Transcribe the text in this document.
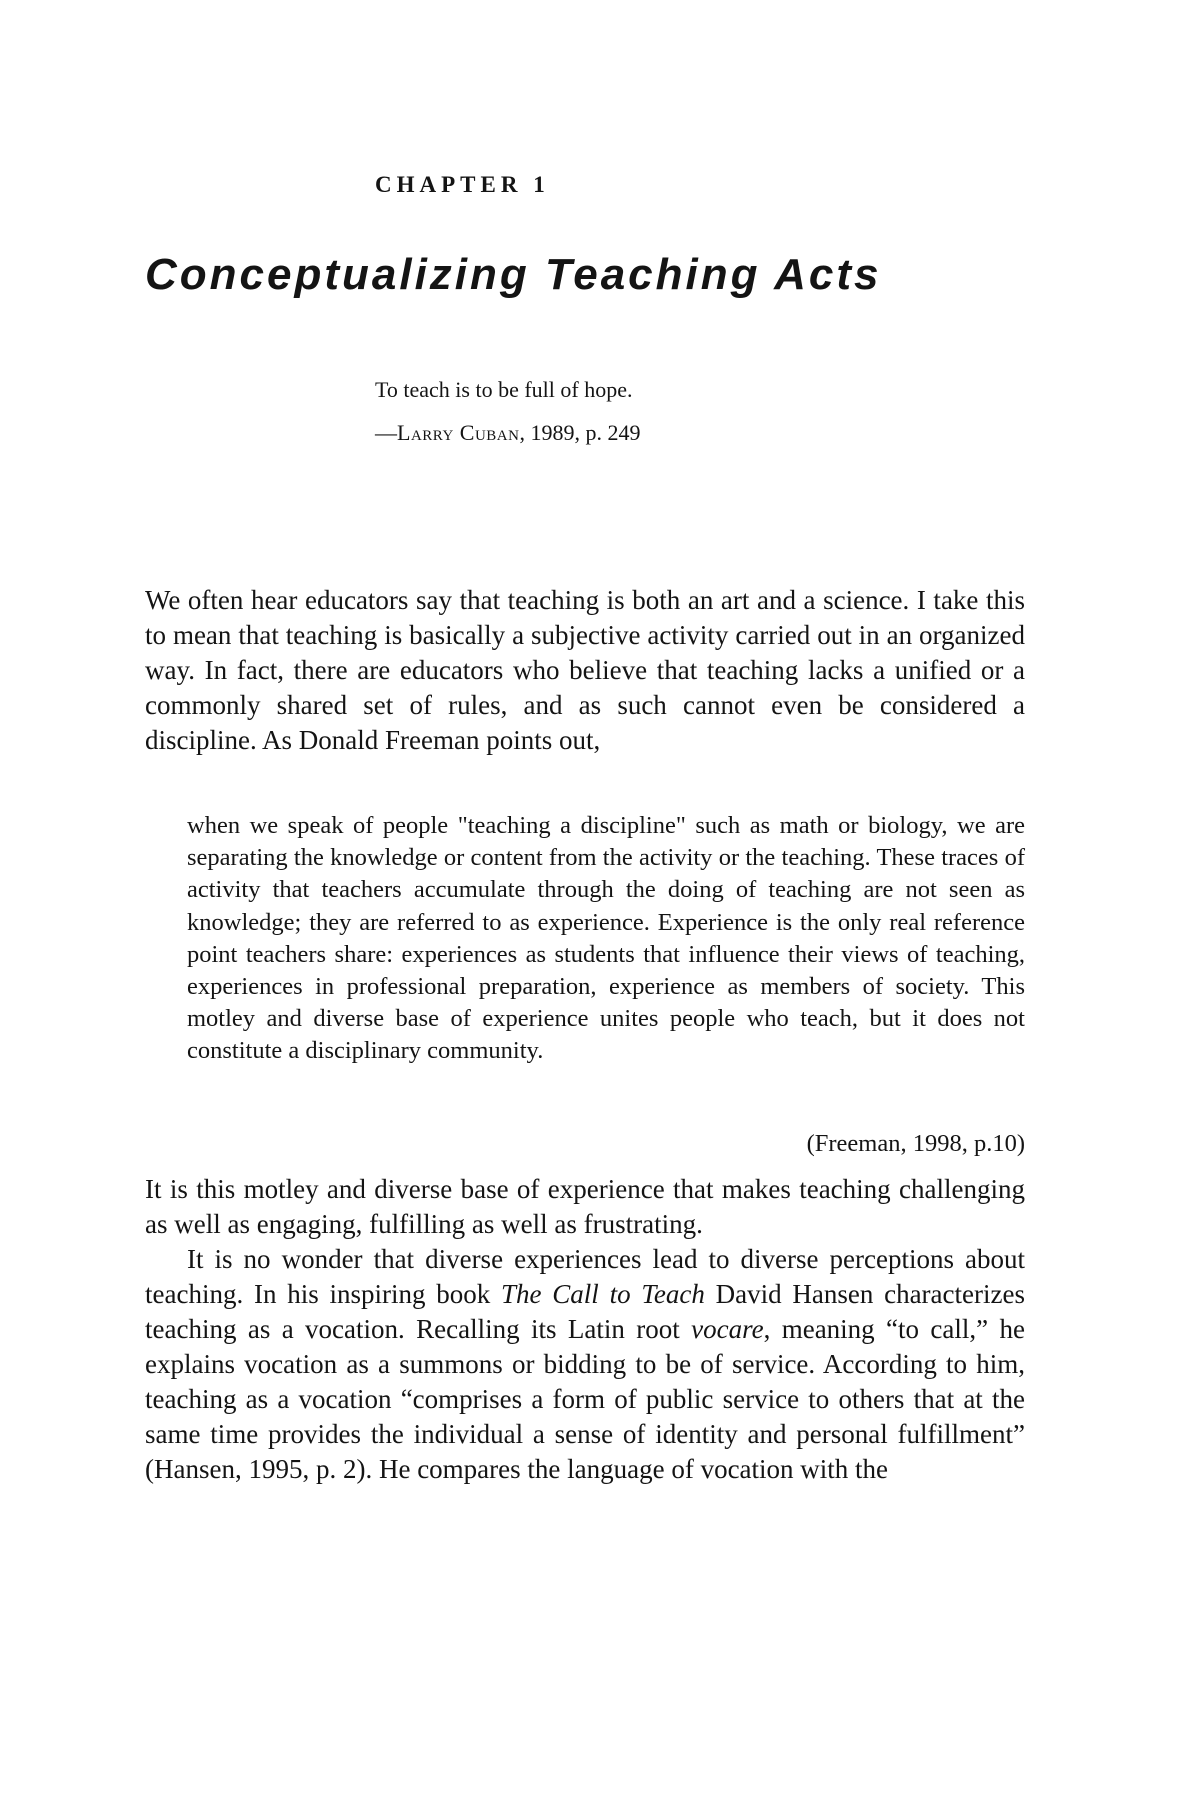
CHAPTER 1
Conceptualizing Teaching Acts

To teach is to be full of hope.

—Larry Cuban, 1989, p. 249

We often hear educators say that teaching is both an art and a science. I take this to mean that teaching is basically a subjective activity carried out in an organized way. In fact, there are educators who believe that teaching lacks a unified or a commonly shared set of rules, and as such cannot even be considered a discipline. As Donald Freeman points out,

when we speak of people "teaching a discipline" such as math or biology, we are separating the knowledge or content from the activity or the teaching. These traces of activity that teachers accumulate through the doing of teaching are not seen as knowledge; they are referred to as experience. Experience is the only real reference point teachers share: experiences as students that influence their views of teaching, experiences in professional preparation, experience as members of society. This motley and diverse base of experience unites people who teach, but it does not constitute a disciplinary community.

(Freeman, 1998, p.10)

It is this motley and diverse base of experience that makes teaching challenging as well as engaging, fulfilling as well as frustrating.

It is no wonder that diverse experiences lead to diverse perceptions about teaching. In his inspiring book The Call to Teach David Hansen characterizes teaching as a vocation. Recalling its Latin root vocare, meaning “to call,” he explains vocation as a summons or bidding to be of service. According to him, teaching as a vocation “comprises a form of public service to others that at the same time provides the individual a sense of identity and personal fulfillment” (Hansen, 1995, p. 2). He compares the language of vocation with the
